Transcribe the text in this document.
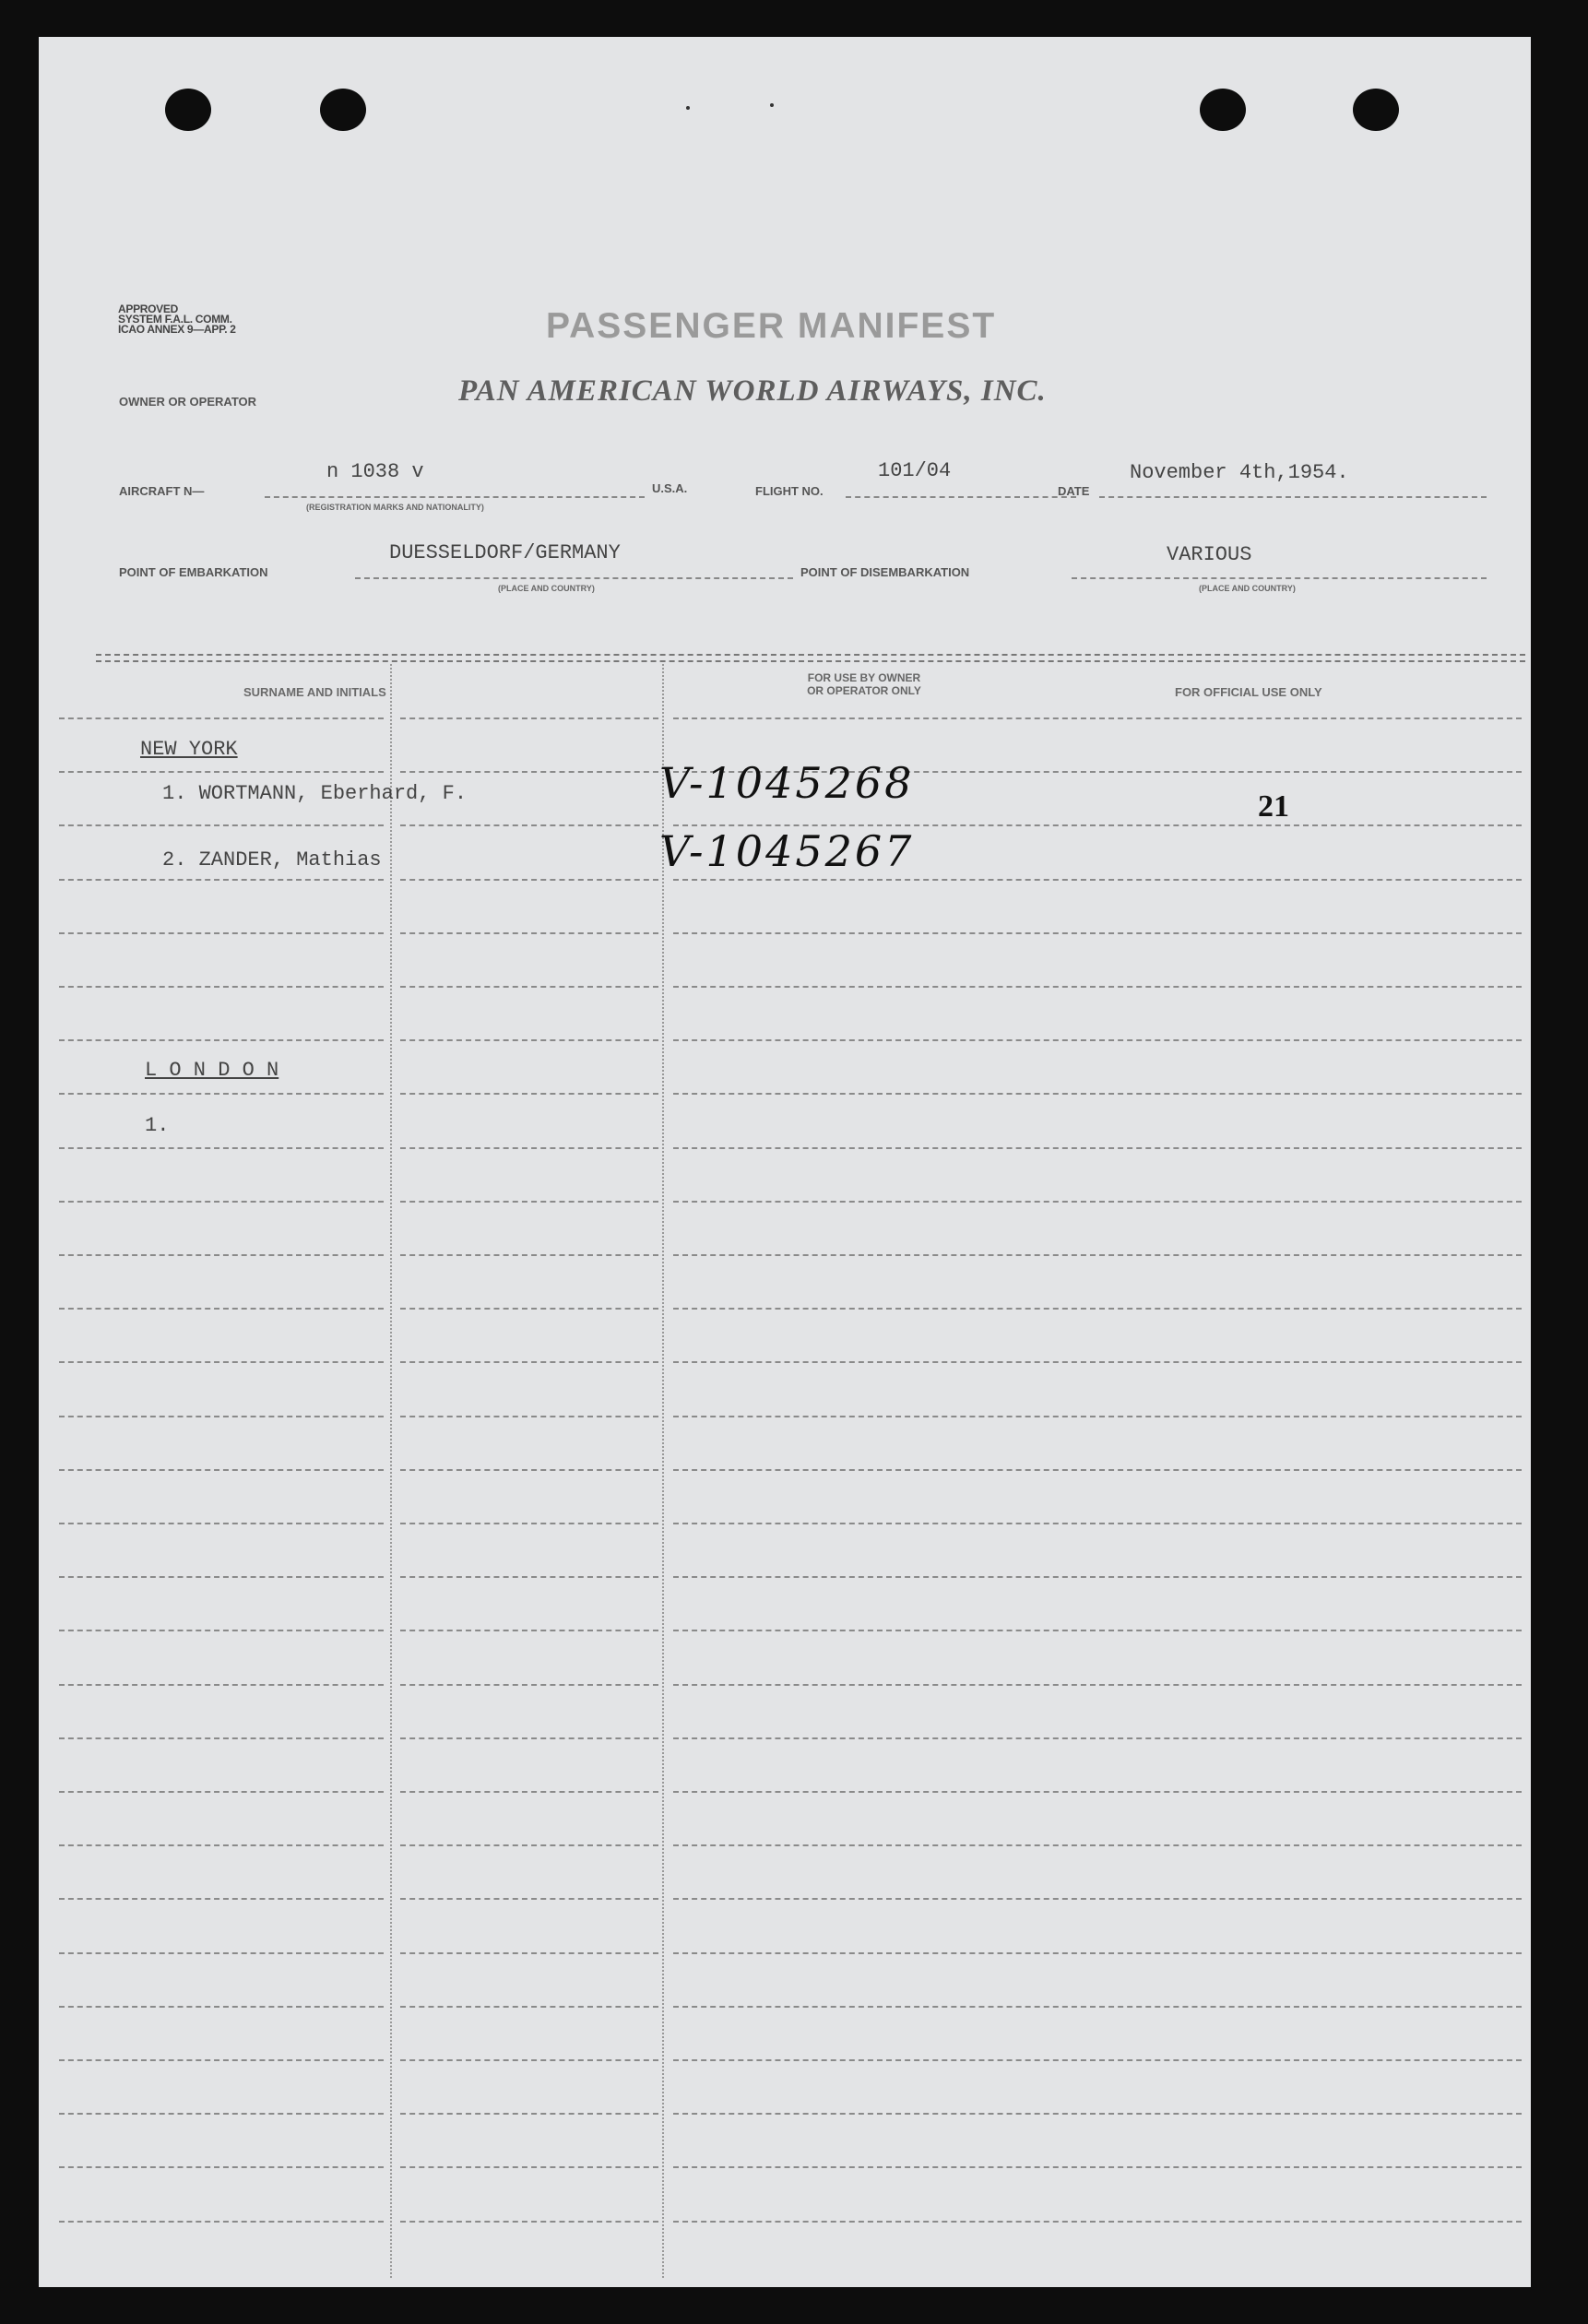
APPROVED
SYSTEM F.A.L. COMM.
ICAO ANNEX 9—APP. 2	PASSENGER MANIFEST
PAN AMERICAN WORLD AIRWAYS, INC.
OWNER OR OPERATOR
AIRCRAFT N—
n 1038 v
(REGISTRATION MARKS AND NATIONALITY)
U.S.A.	FLIGHT NO.
101/04
DATE
November 4th,1954.
POINT OF EMBARKATION
DUESSELDORF/GERMANY
(PLACE AND COUNTRY)
POINT OF DISEMBARKATION
VARIOUS
(PLACE AND COUNTRY)
SURNAME AND INITIALS
FOR USE BY OWNER
OR OPERATOR ONLY	FOR OFFICIAL USE ONLY
NEW YORK
1. WORTMANN, Eberhard, F.	V-1045268	21
2. ZANDER, Mathias	V-1045267
L O N D O N
1.
